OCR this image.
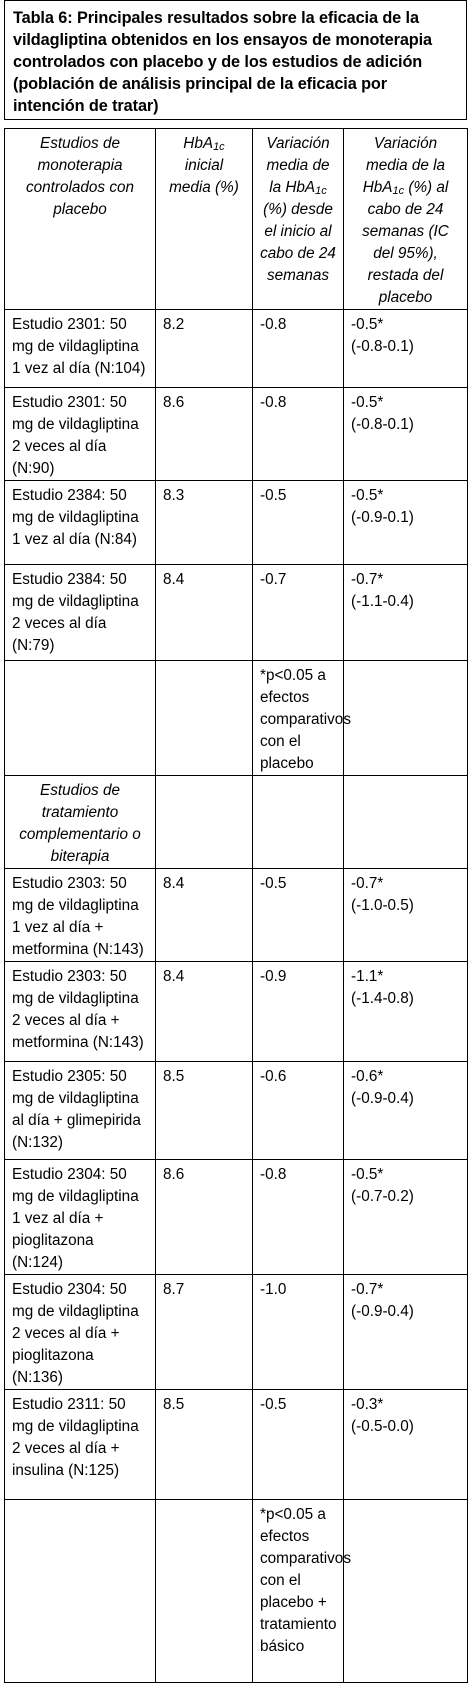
Tabla 6: Principales resultados sobre la eficacia de la vildagliptina obtenidos en los ensayos de monoterapia controlados con placebo y de los estudios de adición (población de análisis principal de la eficacia por intención de tratar)
Estudios de monoterapia controlados con placebo	HbA$_{1c}$ inicial media (%)	Variación media de la HbA$_{1c}$ (%) desde el inicio al cabo de 24 semanas	Variación media de la HbA$_{1c}$ (%) al cabo de 24 semanas (IC del 95%), restada del placebo
Estudio 2301: 50 mg de vildagliptina 1 vez al día (N:104)	8.2	-0.8	-0.5*
(-0.8-0.1)

Estudio 2301: 50 mg de vildagliptina 2 veces al día (N:90)	8.6	-0.8	-0.5*
(-0.8-0.1)

Estudio 2384: 50 mg de vildagliptina 1 vez al día (N:84)	8.3	-0.5	-0.5*
(-0.9-0.1)

Estudio 2384: 50 mg de vildagliptina 2 veces al día (N:79)	8.4	-0.7	-0.7*
(-1.1-0.4)

		*p<0.05 a efectos comparativos con el placebo	
Estudios de tratamiento complementario o biterapia			
Estudio 2303: 50 mg de vildagliptina 1 vez al día + metformina (N:143)	8.4	-0.5	-0.7*
(-1.0-0.5)

Estudio 2303: 50 mg de vildagliptina 2 veces al día + metformina (N:143)	8.4	-0.9	-1.1*
(-1.4-0.8)

Estudio 2305: 50 mg de vildagliptina al día + glimepirida (N:132)	8.5	-0.6	-0.6*
(-0.9-0.4)

Estudio 2304: 50 mg de vildagliptina 1 vez al día + pioglitazona (N:124)	8.6	-0.8	-0.5*
(-0.7-0.2)

Estudio 2304: 50 mg de vildagliptina 2 veces al día + pioglitazona (N:136)	8.7	-1.0	-0.7*
(-0.9-0.4)

Estudio 2311: 50 mg de vildagliptina 2 veces al día + insulina (N:125)	8.5	-0.5	-0.3*
(-0.5-0.0)

		*p<0.05 a efectos comparativos con el placebo + tratamiento básico	
